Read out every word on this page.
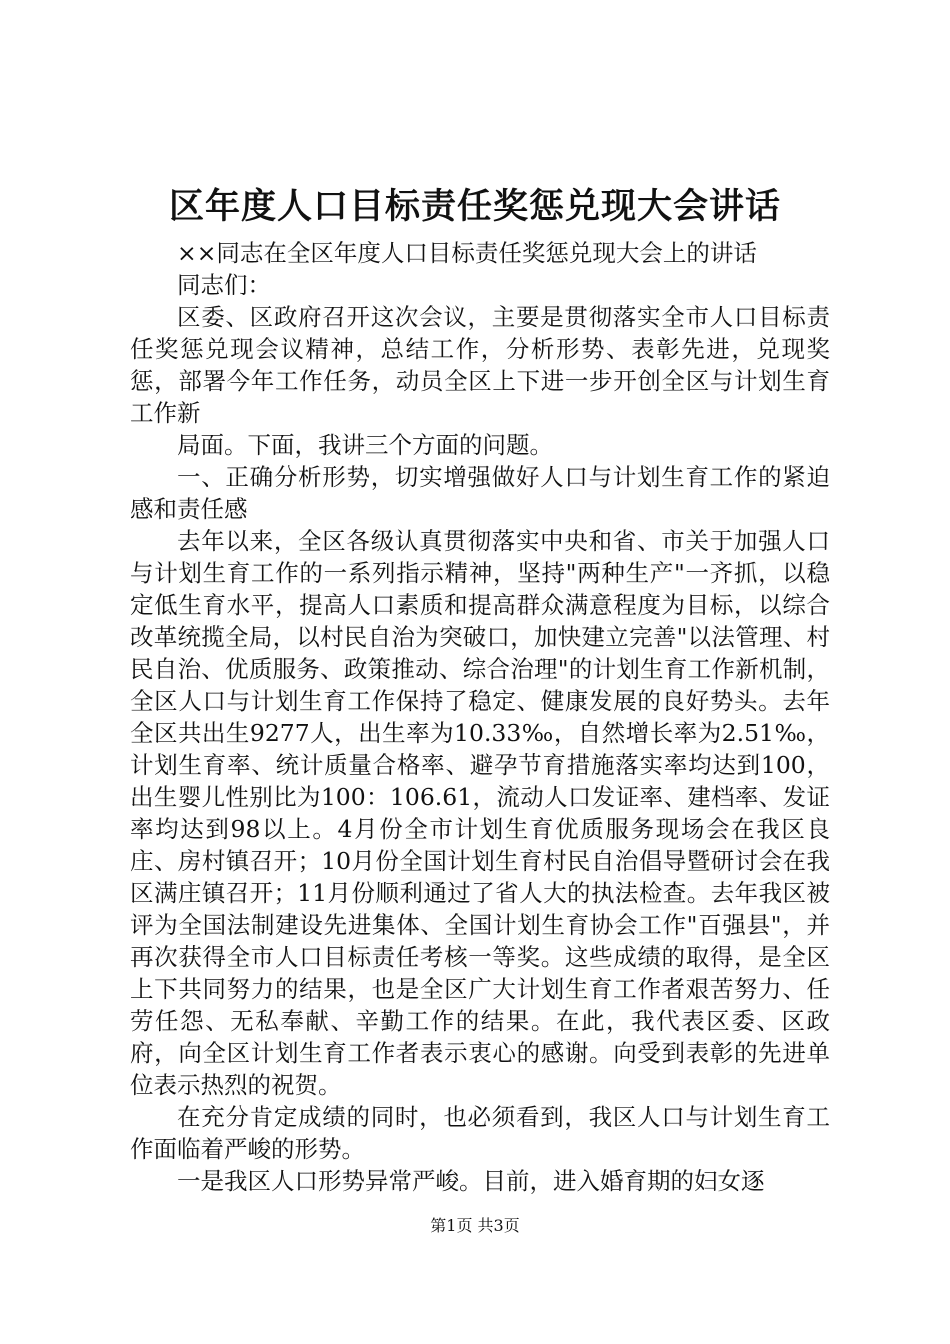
区年度人口目标责任奖惩兑现大会讲话

××同志在全区年度人口目标责任奖惩兑现大会上的讲话

同志们：

区委、区政府召开这次会议，主要是贯彻落实全市人口目标责任奖惩兑现会议精神，总结工作，分析形势、表彰先进，兑现奖惩，部署今年工作任务，动员全区上下进一步开创全区与计划生育工作新

局面。下面，我讲三个方面的问题。

一、正确分析形势，切实增强做好人口与计划生育工作的紧迫感和责任感

去年以来，全区各级认真贯彻落实中央和省、市关于加强人口与计划生育工作的一系列指示精神，坚持"两种生产"一齐抓，以稳定低生育水平，提高人口素质和提高群众满意程度为目标，以综合改革统揽全局，以村民自治为突破口，加快建立完善"以法管理、村民自治、优质服务、政策推动、综合治理"的计划生育工作新机制，全区人口与计划生育工作保持了稳定、健康发展的良好势头。去年全区共出生9277人，出生率为10.33‰，自然增长率为2.51‰，计划生育率、统计质量合格率、避孕节育措施落实率均达到100，出生婴儿性别比为100：106.61，流动人口发证率、建档率、发证率均达到98以上。4月份全市计划生育优质服务现场会在我区良庄、房村镇召开；10月份全国计划生育村民自治倡导暨研讨会在我区满庄镇召开；11月份顺利通过了省人大的执法检查。去年我区被评为全国法制建设先进集体、全国计划生育协会工作"百强县"，并再次获得全市人口目标责任考核一等奖。这些成绩的取得，是全区上下共同努力的结果，也是全区广大计划生育工作者艰苦努力、任劳任怨、无私奉献、辛勤工作的结果。在此，我代表区委、区政府，向全区计划生育工作者表示衷心的感谢。向受到表彰的先进单位表示热烈的祝贺。

在充分肯定成绩的同时，也必须看到，我区人口与计划生育工作面临着严峻的形势。

一是我区人口形势异常严峻。目前，进入婚育期的妇女逐

第1页 共3页
